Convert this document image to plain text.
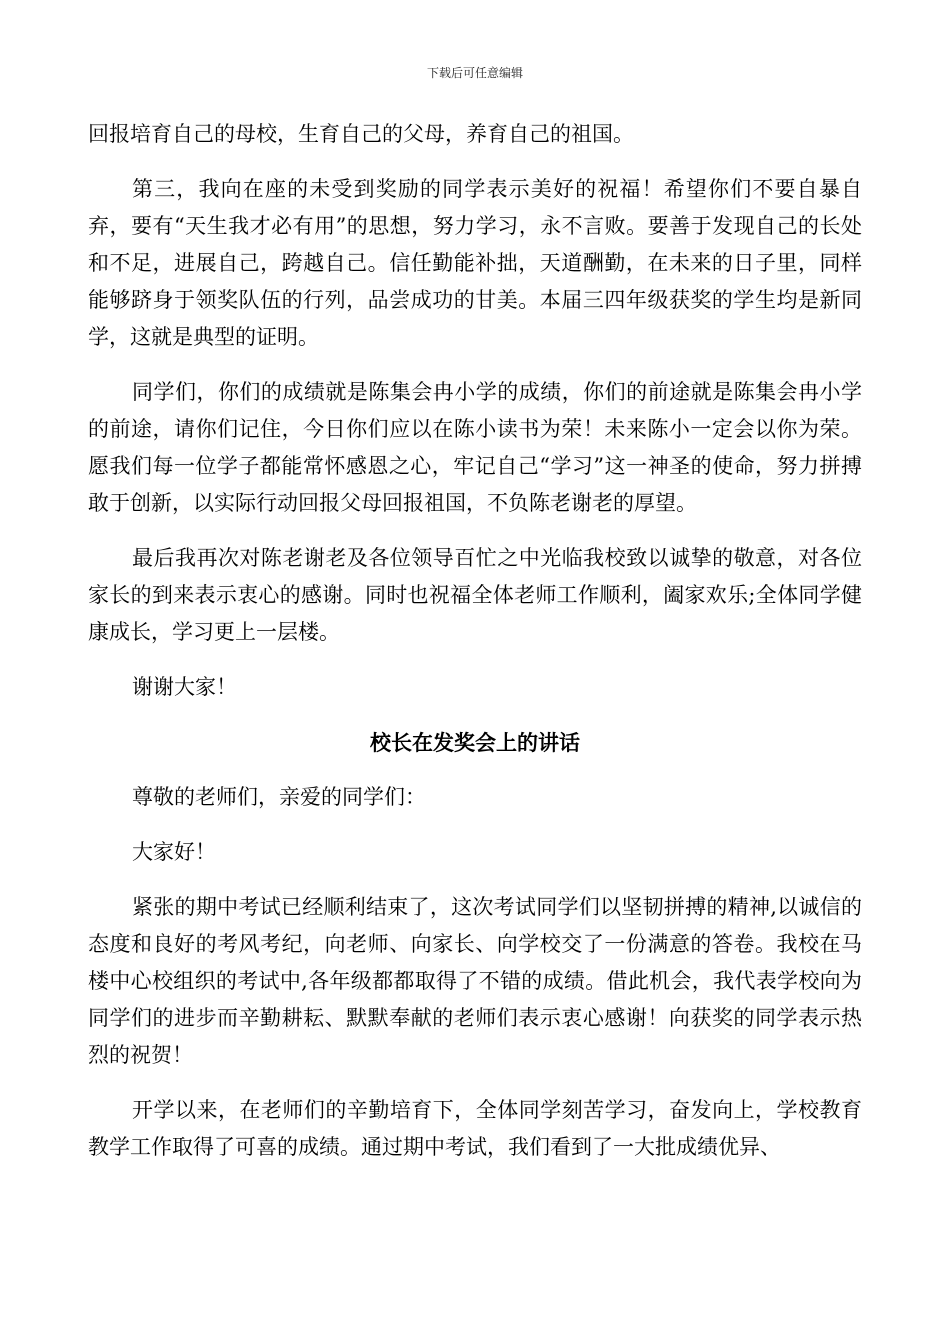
下载后可任意编辑

回报培育自己的母校，生育自己的父母，养育自己的祖国。

第三，我向在座的未受到奖励的同学表示美好的祝福！希望你们不要自暴自弃，要有“天生我才必有用”的思想，努力学习，永不言败。要善于发现自己的长处和不足，进展自己，跨越自己。信任勤能补拙，天道酬勤，在未来的日子里，同样能够跻身于领奖队伍的行列，品尝成功的甘美。本届三四年级获奖的学生均是新同学，这就是典型的证明。

同学们，你们的成绩就是陈集会冉小学的成绩，你们的前途就是陈集会冉小学的前途，请你们记住，今日你们应以在陈小读书为荣！未来陈小一定会以你为荣。愿我们每一位学子都能常怀感恩之心，牢记自己“学习”这一神圣的使命，努力拼搏敢于创新，以实际行动回报父母回报祖国，不负陈老谢老的厚望。

最后我再次对陈老谢老及各位领导百忙之中光临我校致以诚挚的敬意，对各位家长的到来表示衷心的感谢。同时也祝福全体老师工作顺利，阖家欢乐;全体同学健康成长，学习更上一层楼。

谢谢大家！

校长在发奖会上的讲话

尊敬的老师们，亲爱的同学们：

大家好！

紧张的期中考试已经顺利结束了，这次考试同学们以坚韧拼搏的精神,以诚信的态度和良好的考风考纪，向老师、向家长、向学校交了一份满意的答卷。我校在马楼中心校组织的考试中,各年级都都取得了不错的成绩。借此机会，我代表学校向为同学们的进步而辛勤耕耘、默默奉献的老师们表示衷心感谢！向获奖的同学表示热烈的祝贺！

开学以来，在老师们的辛勤培育下，全体同学刻苦学习，奋发向上，学校教育教学工作取得了可喜的成绩。通过期中考试，我们看到了一大批成绩优异、
